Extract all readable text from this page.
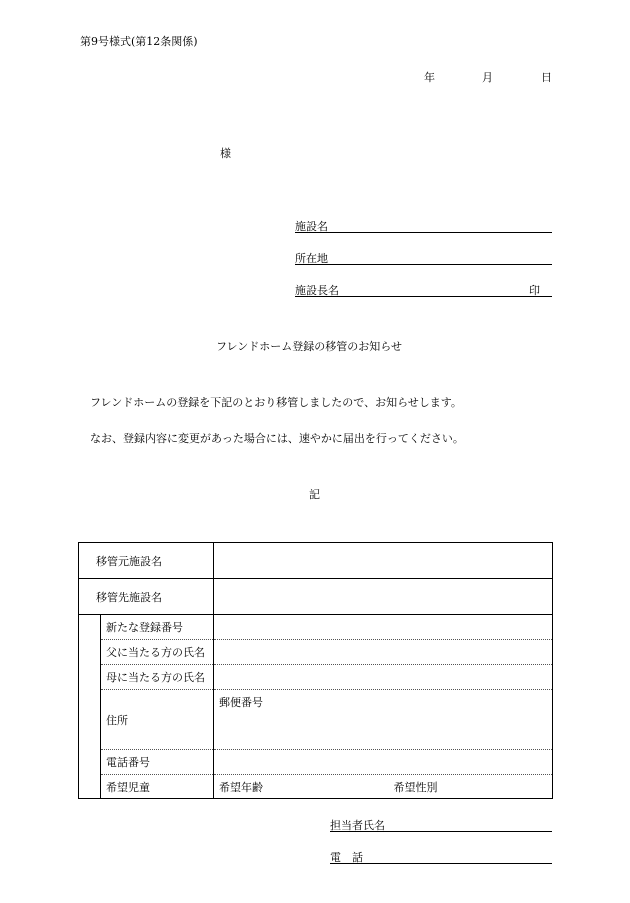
第9号様式(第12条関係)
年	月	日
様
施設名
所在地
施設長名	印
フレンドホーム登録の移管のお知らせ
フレンドホームの登録を下記のとおり移管しましたので、お知らせします。
なお、登録内容に変更があった場合には、速やかに届出を行ってください。
記
移管元施設名		
移管先施設名		
	新たな登録番号	
	父に当たる方の氏名	
	母に当たる方の氏名	
	住所	郵便番号
	電話番号	
	希望児童	希望年齢 希望性別
担当者氏名
電　話
